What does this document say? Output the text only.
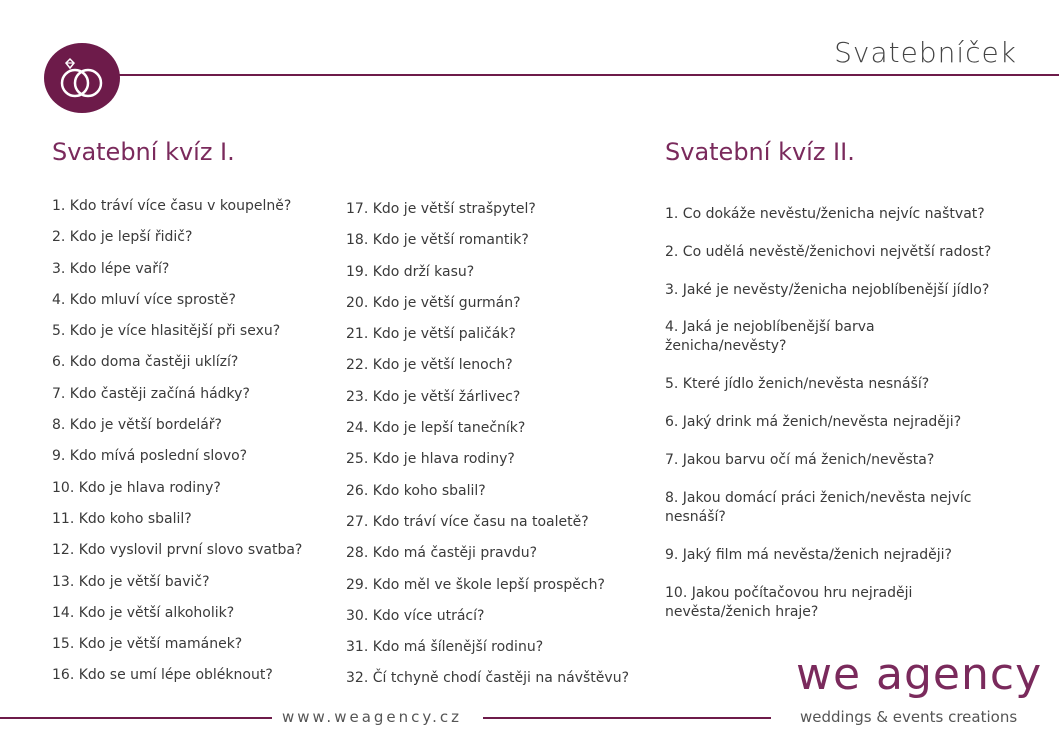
Svatebníček
Svatební kvíz I.	Svatební kvíz II.
1. Kdo tráví více času v koupelně?
2. Kdo je lepší řidič?
3. Kdo lépe vaří?
4. Kdo mluví více sprostě?
5. Kdo je více hlasitější při sexu?
6. Kdo doma častěji uklízí?
7. Kdo častěji začíná hádky?
8. Kdo je větší bordelář?
9. Kdo mívá poslední slovo?
10. Kdo je hlava rodiny?
11. Kdo koho sbalil?
12. Kdo vyslovil první slovo svatba?
13. Kdo je větší bavič?
14. Kdo je větší alkoholik?
15. Kdo je větší mamánek?
16. Kdo se umí lépe obléknout?
17. Kdo je větší strašpytel?
18. Kdo je větší romantik?
19. Kdo drží kasu?
20. Kdo je větší gurmán?
21. Kdo je větší paličák?
22. Kdo je větší lenoch?
23. Kdo je větší žárlivec?
24. Kdo je lepší tanečník?
25. Kdo je hlava rodiny?
26. Kdo koho sbalil?
27. Kdo tráví více času na toaletě?
28. Kdo má častěji pravdu?
29. Kdo měl ve škole lepší prospěch?
30. Kdo více utrácí?
31. Kdo má šílenější rodinu?
32. Čí tchyně chodí častěji na návštěvu?
1. Co dokáže nevěstu/ženicha nejvíc naštvat?
2. Co udělá nevěstě/ženichovi největší radost?
3. Jaké je nevěsty/ženicha nejoblíbenější jídlo?
4. Jaká je nejoblíbenější barva ženicha/nevěsty?
5. Které jídlo ženich/nevěsta nesnáší?
6. Jaký drink má ženich/nevěsta nejraději?
7. Jakou barvu očí má ženich/nevěsta?
8. Jakou domácí práci ženich/nevěsta nejvíc nesnáší?
9. Jaký film má nevěsta/ženich nejraději?
10. Jakou počítačovou hru nejraději nevěsta/ženich hraje?
www.weagency.cz
we agency
weddings & events creations
